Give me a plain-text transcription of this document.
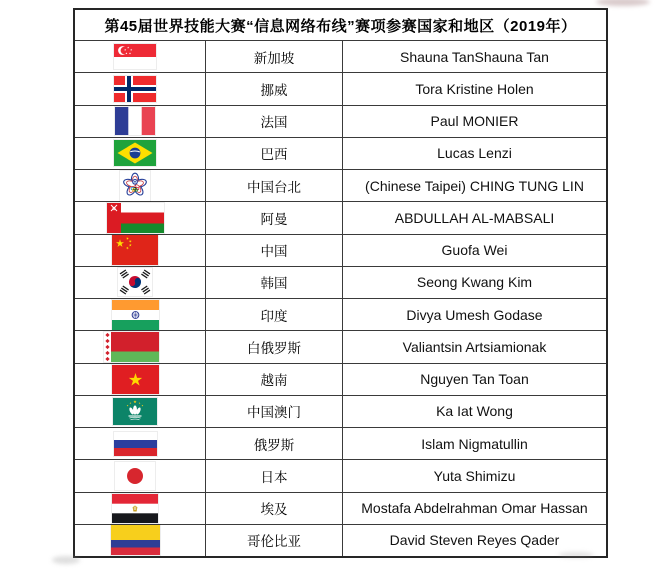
第45届世界技能大赛“信息网络布线”赛项参赛国家和地区（2019年）
新加坡	Shauna TanShauna Tan
挪威	Tora Kristine Holen
法国	Paul MONIER
巴西	Lucas Lenzi
中国台北	(Chinese Taipei) CHING TUNG LIN
阿曼	ABDULLAH AL-MABSALI
中国	Guofa Wei
韩国	Seong Kwang Kim
印度	Divya Umesh Godase
白俄罗斯	Valiantsin Artsiamionak
越南	Nguyen Tan Toan
中国澳门	Ka Iat Wong
俄罗斯	Islam Nigmatullin
日本	Yuta Shimizu
埃及	Mostafa Abdelrahman Omar Hassan
哥伦比亚	David Steven Reyes Qader
